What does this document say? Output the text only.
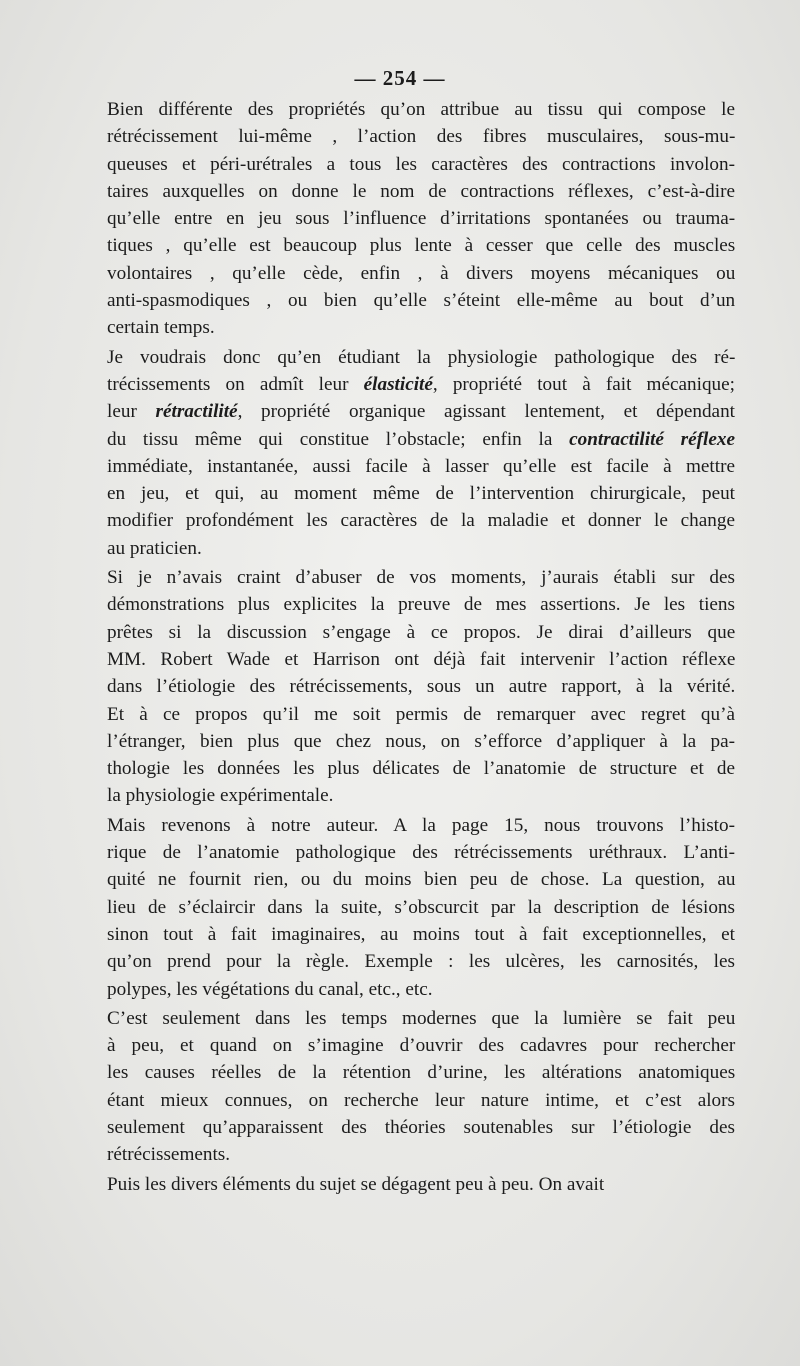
— 254 —
Bien différente des propriétés qu’on attribue au tissu qui compose le
rétrécissement lui-même , l’action des fibres musculaires, sous-mu-
queuses et péri-urétrales a tous les caractères des contractions involon-
taires auxquelles on donne le nom de contractions réflexes, c’est-à-dire
qu’elle entre en jeu sous l’influence d’irritations spontanées ou trauma-
tiques , qu’elle est beaucoup plus lente à cesser que celle des muscles
volontaires , qu’elle cède, enfin , à divers moyens mécaniques ou
anti-spasmodiques , ou bien qu’elle s’éteint elle-même au bout d’un
certain temps.
Je voudrais donc qu’en étudiant la physiologie pathologique des ré-
trécissements on admît leur élasticité, propriété tout à fait mécanique;
leur rétractilité, propriété organique agissant lentement, et dépendant
du tissu même qui constitue l’obstacle; enfin la contractilité réflexe
immédiate, instantanée, aussi facile à lasser qu’elle est facile à mettre
en jeu, et qui, au moment même de l’intervention chirurgicale, peut
modifier profondément les caractères de la maladie et donner le change
au praticien.
Si je n’avais craint d’abuser de vos moments, j’aurais établi sur des
démonstrations plus explicites la preuve de mes assertions. Je les tiens
prêtes si la discussion s’engage à ce propos. Je dirai d’ailleurs que
MM. Robert Wade et Harrison ont déjà fait intervenir l’action réflexe
dans l’étiologie des rétrécissements, sous un autre rapport, à la vérité.
Et à ce propos qu’il me soit permis de remarquer avec regret qu’à
l’étranger, bien plus que chez nous, on s’efforce d’appliquer à la pa-
thologie les données les plus délicates de l’anatomie de structure et de
la physiologie expérimentale.
Mais revenons à notre auteur. A la page 15, nous trouvons l’histo-
rique de l’anatomie pathologique des rétrécissements uréthraux. L’anti-
quité ne fournit rien, ou du moins bien peu de chose. La question, au
lieu de s’éclaircir dans la suite, s’obscurcit par la description de lésions
sinon tout à fait imaginaires, au moins tout à fait exceptionnelles, et
qu’on prend pour la règle. Exemple : les ulcères, les carnosités, les
polypes, les végétations du canal, etc., etc.
C’est seulement dans les temps modernes que la lumière se fait peu
à peu, et quand on s’imagine d’ouvrir des cadavres pour rechercher
les causes réelles de la rétention d’urine, les altérations anatomiques
étant mieux connues, on recherche leur nature intime, et c’est alors
seulement qu’apparaissent des théories soutenables sur l’étiologie des
rétrécissements.
Puis les divers éléments du sujet se dégagent peu à peu. On avait
